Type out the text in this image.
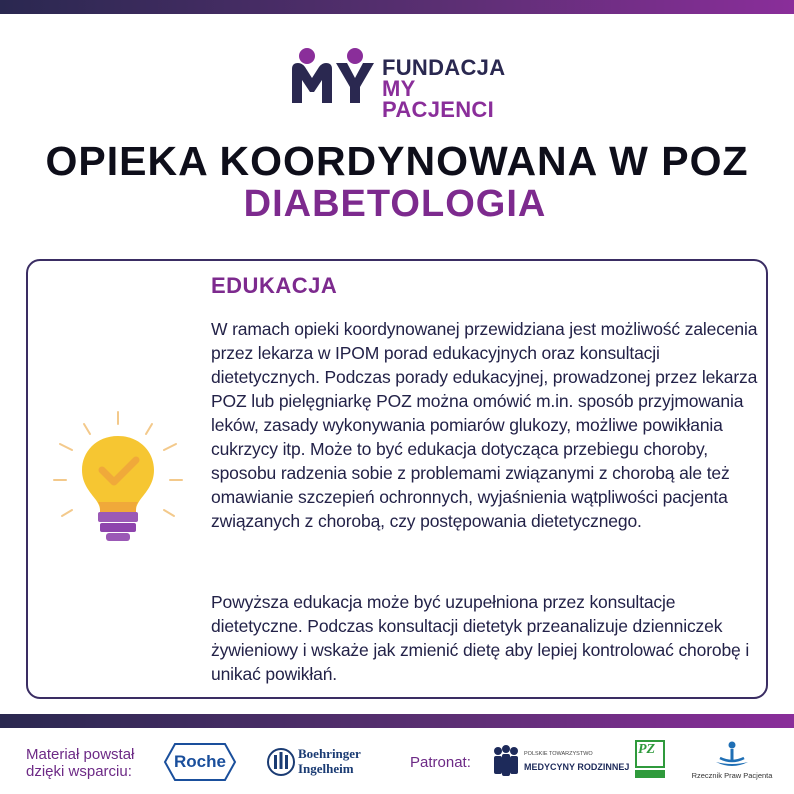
FUNDACJA
MY PACJENCI
OPIEKA KOORDYNOWANA W POZ
DIABETOLOGIA
EDUKACJA
W ramach opieki koordynowanej przewidziana jest możliwość zalecenia przez lekarza w IPOM porad edukacyjnych oraz konsultacji dietetycznych. Podczas porady edukacyjnej, prowadzonej przez lekarza POZ lub pielęgniarkę POZ można omówić m.in. sposób przyjmowania leków, zasady wykonywania pomiarów glukozy, możliwe powikłania cukrzycy itp. Może to być edukacja dotycząca przebiegu choroby, sposobu radzenia sobie z problemami związanymi z chorobą ale też omawianie szczepień ochronnych, wyjaśnienia wątpliwości pacjenta związanych z chorobą, czy postępowania dietetycznego.
Powyższa edukacja może być uzupełniona przez konsultacje dietetyczne. Podczas konsultacji dietetyk przeanalizuje dzienniczek żywieniowy i wskaże jak zmienić dietę aby lepiej kontrolować chorobę i unikać powikłań.
Materiał powstał dzięki wsparciu:
Roche	Boehringer
Ingelheim	Patronat:	POLSKIE TOWARZYSTWO
MEDYCYNY RODZINNEJ
PZ
Rzecznik Praw Pacjenta
